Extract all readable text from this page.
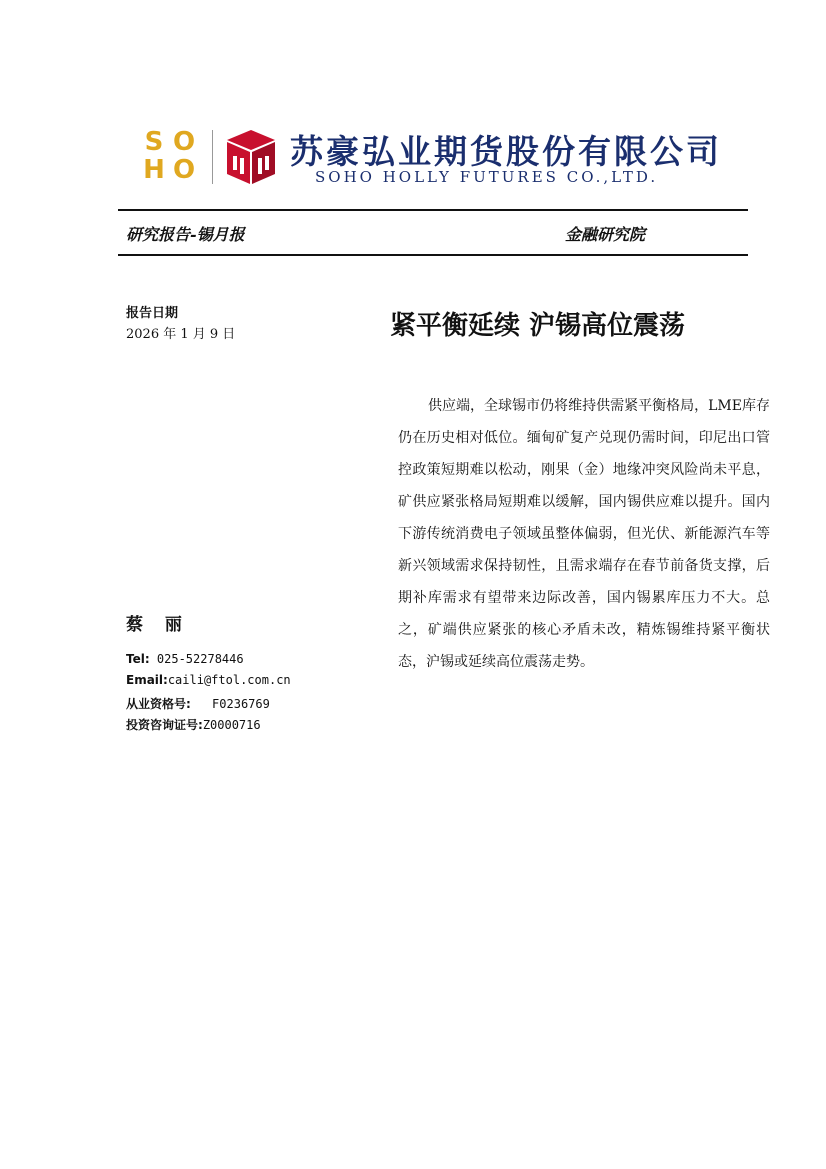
S O
H O	苏豪弘业期货股份有限公司
SOHO HOLLY FUTURES CO.,LTD.
研究报告-锡月报	金融研究院
报告日期
2026 年 1 月 9 日	紧平衡延续 沪锡高位震荡
供应端，全球锡市仍将维持供需紧平衡格局，LME库存仍在历史相对低位。缅甸矿复产兑现仍需时间，印尼出口管控政策短期难以松动，刚果（金）地缘冲突风险尚未平息，矿供应紧张格局短期难以缓解，国内锡供应难以提升。国内下游传统消费电子领域虽整体偏弱，但光伏、新能源汽车等新兴领域需求保持韧性，且需求端存在春节前备货支撑，后期补库需求有望带来边际改善，国内锡累库压力不大。总之，矿端供应紧张的核心矛盾未改，精炼锡维持紧平衡状态，沪锡或延续高位震荡走势。
蔡 丽
Tel: 025-52278446
Email:caili@ftol.com.cn
从业资格号: F0236769
投资咨询证号:Z0000716
